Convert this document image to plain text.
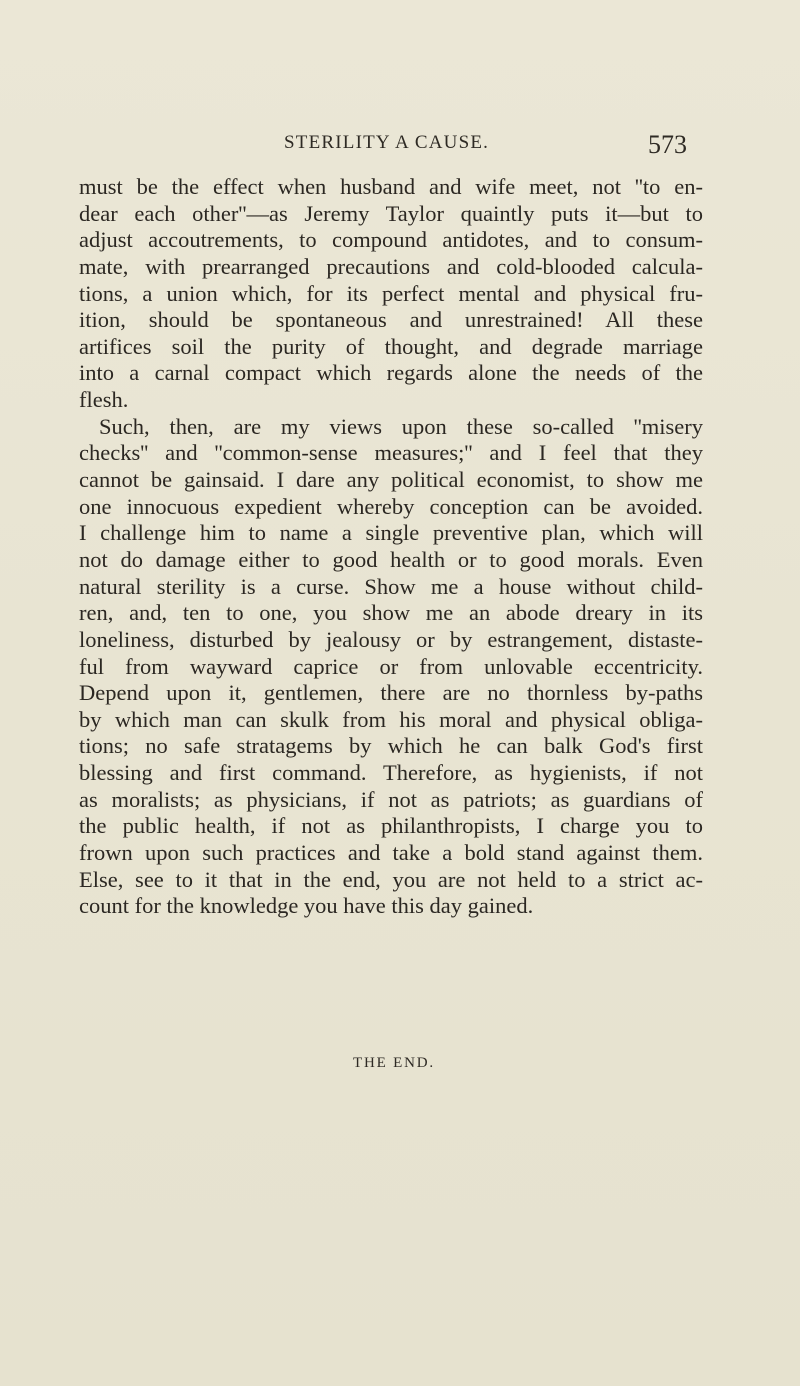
STERILITY A CAUSE.	573
must be the effect when husband and wife meet, not ''to en-
dear each other''—as Jeremy Taylor quaintly puts it—but to
adjust accoutrements, to compound antidotes, and to consum-
mate, with prearranged precautions and cold-blooded calcula-
tions, a union which, for its perfect mental and physical fru-
ition, should be spontaneous and unrestrained! All these
artifices soil the purity of thought, and degrade marriage
into a carnal compact which regards alone the needs of the
flesh.
Such, then, are my views upon these so-called ''misery
checks'' and ''common-sense measures;'' and I feel that they
cannot be gainsaid. I dare any political economist, to show me
one innocuous expedient whereby conception can be avoided.
I challenge him to name a single preventive plan, which will
not do damage either to good health or to good morals. Even
natural sterility is a curse. Show me a house without child-
ren, and, ten to one, you show me an abode dreary in its
loneliness, disturbed by jealousy or by estrangement, distaste-
ful from wayward caprice or from unlovable eccentricity.
Depend upon it, gentlemen, there are no thornless by-paths
by which man can skulk from his moral and physical obliga-
tions; no safe stratagems by which he can balk God's first
blessing and first command. Therefore, as hygienists, if not
as moralists; as physicians, if not as patriots; as guardians of
the public health, if not as philanthropists, I charge you to
frown upon such practices and take a bold stand against them.
Else, see to it that in the end, you are not held to a strict ac-
count for the knowledge you have this day gained.
THE END.
